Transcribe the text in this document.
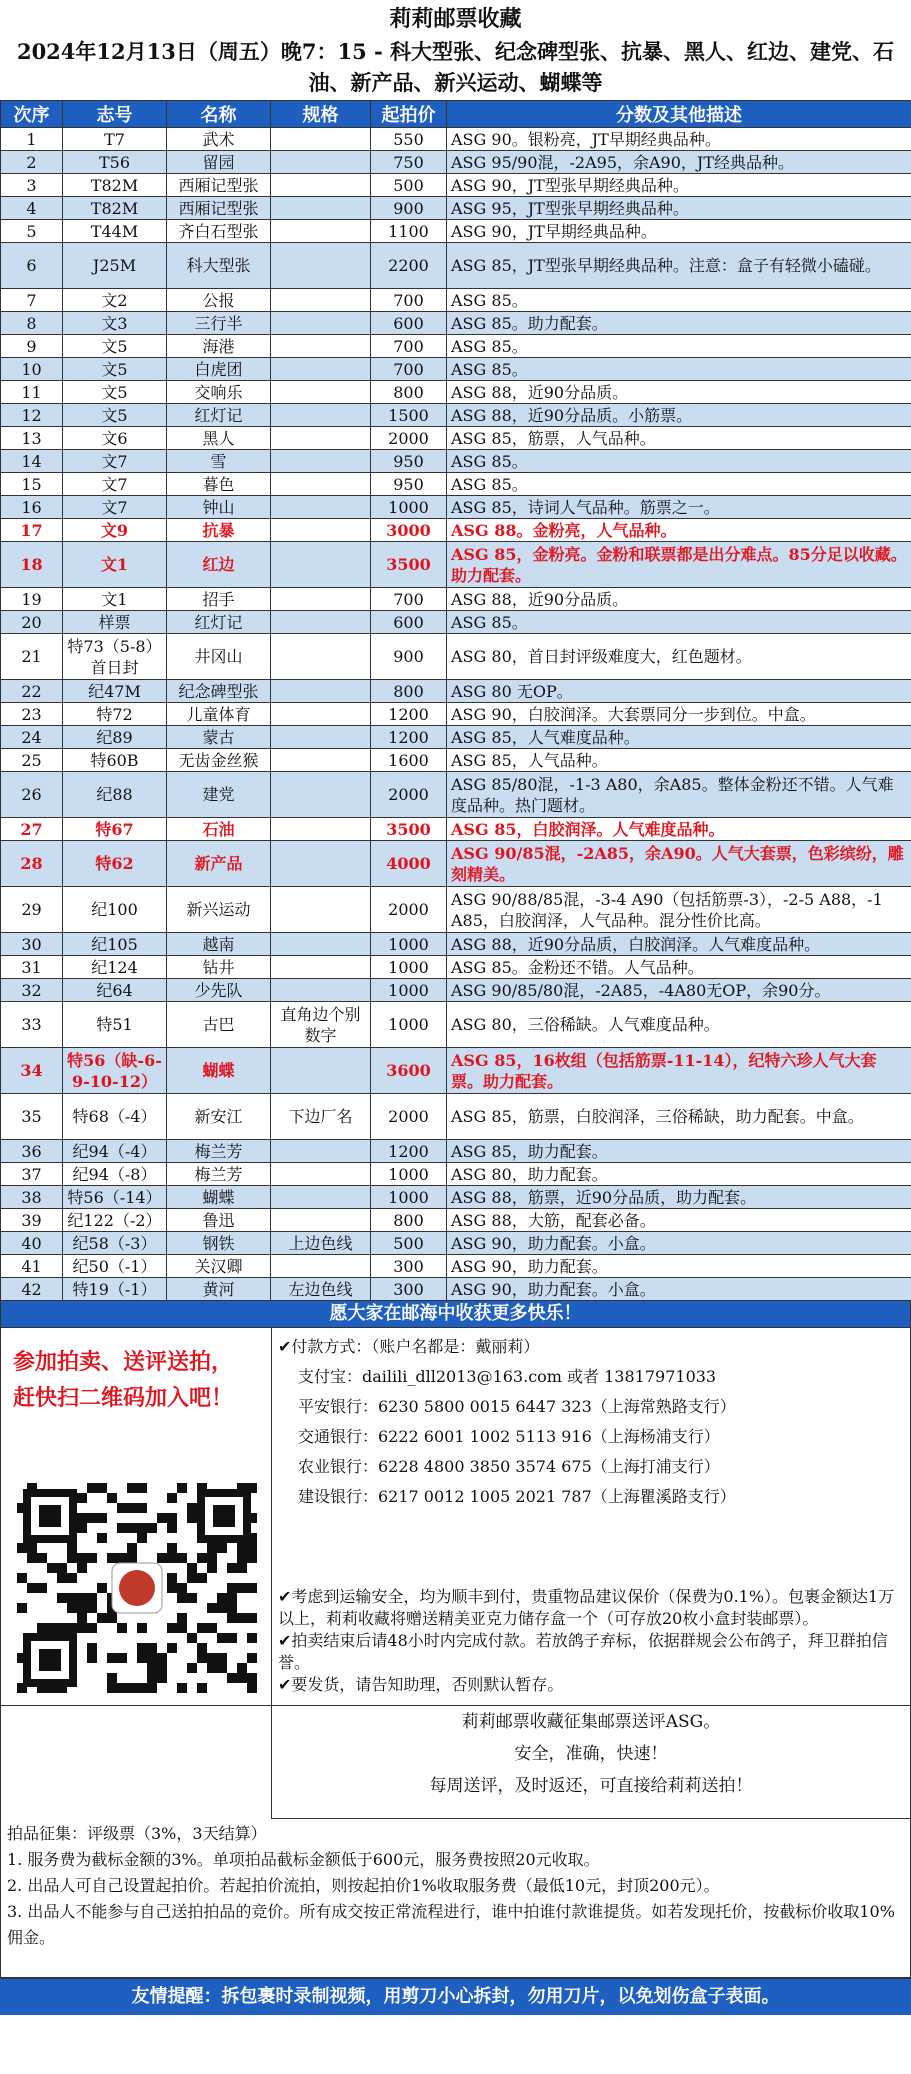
莉莉邮票收藏
2024年12月13日（周五）晚7：15 - 科大型张、纪念碑型张、抗暴、黑人、红边、建党、石油、新产品、新兴运动、蝴蝶等
次序	志号	名称	规格	起拍价	分数及其他描述
1	T7	武术		550	ASG 90。银粉亮，JT早期经典品种。
2	T56	留园		750	ASG 95/90混，-2A95，余A90，JT经典品种。
3	T82M	西厢记型张		500	ASG 90，JT型张早期经典品种。
4	T82M	西厢记型张		900	ASG 95，JT型张早期经典品种。
5	T44M	齐白石型张		1100	ASG 90，JT早期经典品种。
6	J25M	科大型张		2200	ASG 85，JT型张早期经典品种。注意：盒子有轻微小磕碰。
7	文2	公报		700	ASG 85。
8	文3	三行半		600	ASG 85。助力配套。
9	文5	海港		700	ASG 85。
10	文5	白虎团		700	ASG 85。
11	文5	交响乐		800	ASG 88，近90分品质。
12	文5	红灯记		1500	ASG 88，近90分品质。小筋票。
13	文6	黑人		2000	ASG 85，筋票，人气品种。
14	文7	雪		950	ASG 85。
15	文7	暮色		950	ASG 85。
16	文7	钟山		1000	ASG 85，诗词人气品种。筋票之一。
17	文9	抗暴		3000	ASG 88。金粉亮，人气品种。
18	文1	红边		3500	ASG 85，金粉亮。金粉和联票都是出分难点。85分足以收藏。助力配套。
19	文1	招手		700	ASG 88，近90分品质。
20	样票	红灯记		600	ASG 85。
21	特73（5-8）首日封	井冈山		900	ASG 80，首日封评级难度大，红色题材。
22	纪47M	纪念碑型张		800	ASG 80 无OP。
23	特72	儿童体育		1200	ASG 90，白胶润泽。大套票同分一步到位。中盒。
24	纪89	蒙古		1200	ASG 85，人气难度品种。
25	特60B	无齿金丝猴		1600	ASG 85，人气品种。
26	纪88	建党		2000	ASG 85/80混，-1-3 A80，余A85。整体金粉还不错。人气难度品种。热门题材。
27	特67	石油		3500	ASG 85，白胶润泽。人气难度品种。
28	特62	新产品		4000	ASG 90/85混，-2A85，余A90。人气大套票，色彩缤纷，雕刻精美。
29	纪100	新兴运动		2000	ASG 90/88/85混，-3-4 A90（包括筋票-3），-2-5 A88，-1 A85，白胶润泽，人气品种。混分性价比高。
30	纪105	越南		1000	ASG 88，近90分品质，白胶润泽。人气难度品种。
31	纪124	钻井		1000	ASG 85。金粉还不错。人气品种。
32	纪64	少先队		1000	ASG 90/85/80混，-2A85，-4A80无OP，余90分。
33	特51	古巴	直角边个别数字	1000	ASG 80，三俗稀缺。人气难度品种。
34	特56（缺-6-9-10-12）	蝴蝶		3600	ASG 85，16枚组（包括筋票-11-14），纪特六珍人气大套票。助力配套。
35	特68（-4）	新安江	下边厂名	2000	ASG 85，筋票，白胶润泽，三俗稀缺，助力配套。中盒。
36	纪94（-4）	梅兰芳		1200	ASG 85，助力配套。
37	纪94（-8）	梅兰芳		1000	ASG 80，助力配套。
38	特56（-14）	蝴蝶		1000	ASG 88，筋票，近90分品质，助力配套。
39	纪122（-2）	鲁迅		800	ASG 88，大筋，配套必备。
40	纪58（-3）	钢铁	上边色线	500	ASG 90，助力配套。小盒。
41	纪50（-1）	关汉卿		300	ASG 90，助力配套。
42	特19（-1）	黄河	左边色线	300	ASG 90，助力配套。小盒。
愿大家在邮海中收获更多快乐！
参加拍卖、送评送拍，
赶快扫二维码加入吧！
✔付款方式：（账户名都是：戴丽莉）
支付宝：dailili_dll2013@163.com 或者 13817971033
平安银行：6230 5800 0015 6447 323（上海常熟路支行）
交通银行：6222 6001 1002 5113 916（上海杨浦支行）
农业银行：6228 4800 3850 3574 675（上海打浦支行）
建设银行：6217 0012 1005 2021 787（上海瞿溪路支行）
✔考虑到运输安全，均为顺丰到付，贵重物品建议保价（保费为0.1%）。包裹金额达1万以上，莉莉收藏将赠送精美亚克力储存盒一个（可存放20枚小盒封装邮票）。
✔拍卖结束后请48小时内完成付款。若放鸽子弃标，依据群规会公布鸽子，拜卫群拍信誉。
✔要发货，请告知助理，否则默认暂存。
莉莉邮票收藏征集邮票送评ASG。
安全，准确，快速！
每周送评，及时返还，可直接给莉莉送拍！
拍品征集：评级票（3%，3天结算）
1. 服务费为截标金额的3%。单项拍品截标金额低于600元，服务费按照20元收取。
2. 出品人可自己设置起拍价。若起拍价流拍，则按起拍价1%收取服务费（最低10元，封顶200元）。
3. 出品人不能参与自己送拍拍品的竞价。所有成交按正常流程进行，谁中拍谁付款谁提货。如若发现托价，按截标价收取10%佣金。
友情提醒：拆包裹时录制视频，用剪刀小心拆封，勿用刀片，以免划伤盒子表面。
